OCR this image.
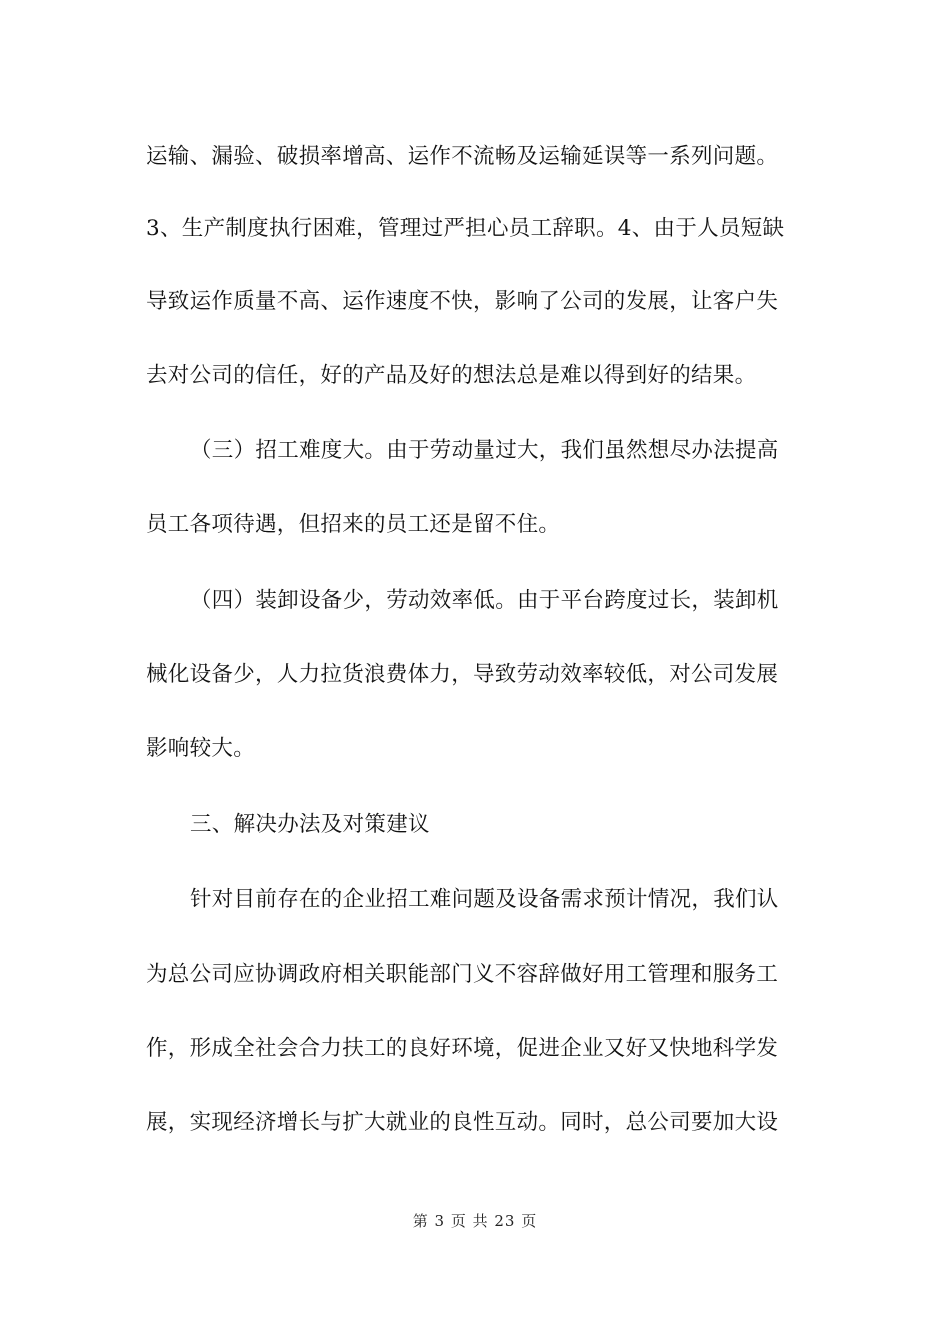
运输、漏验、破损率增高、运作不流畅及运输延误等一系列问题。
3、生产制度执行困难，管理过严担心员工辞职。4、由于人员短缺
导致运作质量不高、运作速度不快，影响了公司的发展，让客户失
去对公司的信任，好的产品及好的想法总是难以得到好的结果。
（三）招工难度大。由于劳动量过大，我们虽然想尽办法提高
员工各项待遇，但招来的员工还是留不住。
（四）装卸设备少，劳动效率低。由于平台跨度过长，装卸机
械化设备少，人力拉货浪费体力，导致劳动效率较低，对公司发展
影响较大。
三、解决办法及对策建议
针对目前存在的企业招工难问题及设备需求预计情况，我们认
为总公司应协调政府相关职能部门义不容辞做好用工管理和服务工
作，形成全社会合力扶工的良好环境，促进企业又好又快地科学发
展，实现经济增长与扩大就业的良性互动。同时，总公司要加大设
第 3 页 共 23 页
